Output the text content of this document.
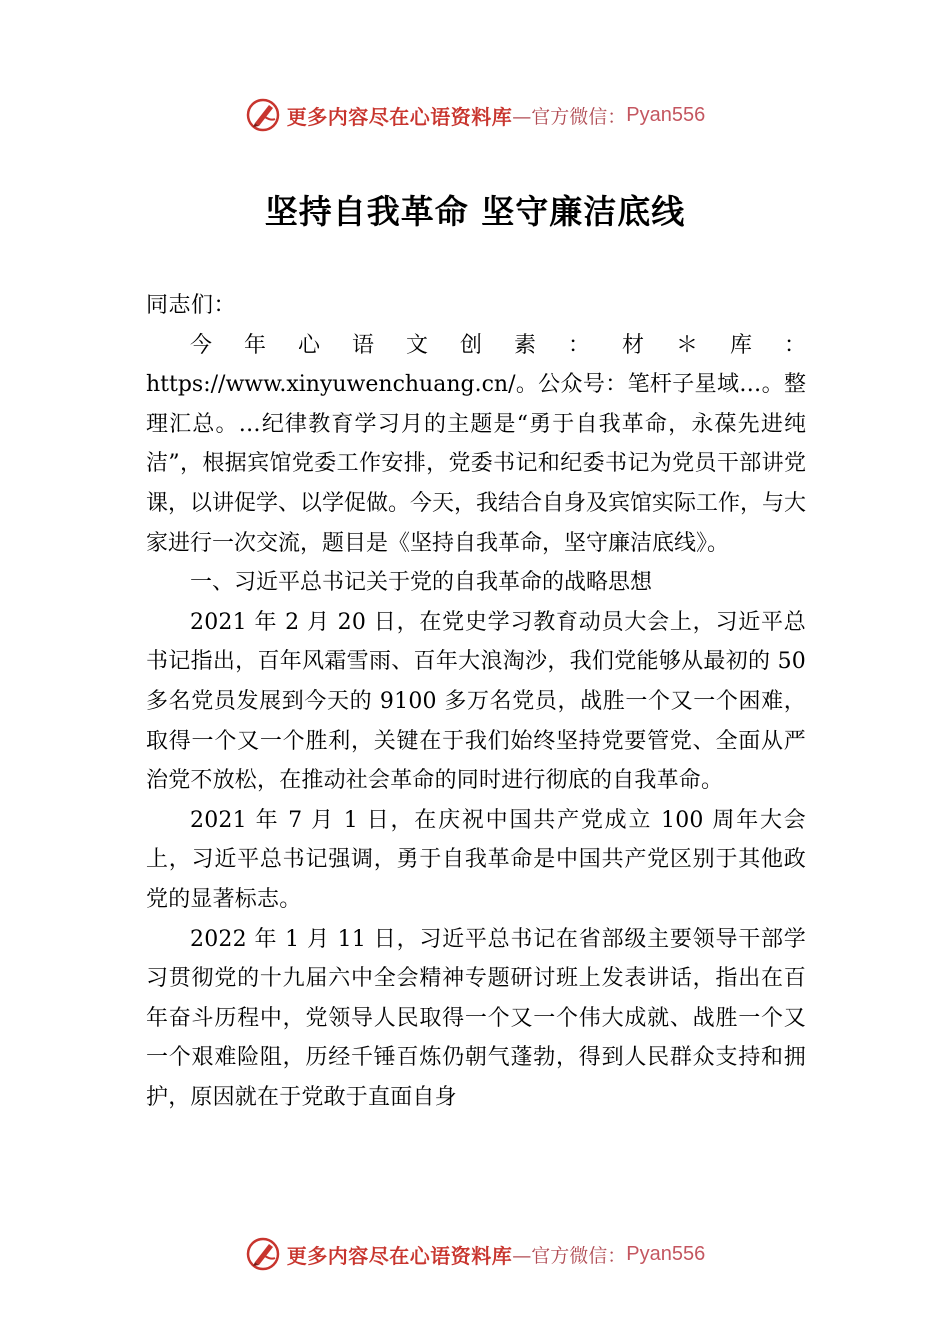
更多内容尽在心语资料库 —官方微信： Pyan556
坚持自我革命 坚守廉洁底线

同志们：

今 年 心 语 文 创 素 ： 材 ＊ 库 ： https://www.xinyuwenchuang.cn/。公众号：笔杆子星域…。整理汇总。…纪律教育学习月的主题是“勇于自我革命，永葆先进纯洁”，根据宾馆党委工作安排，党委书记和纪委书记为党员干部讲党课，以讲促学、以学促做。今天，我结合自身及宾馆实际工作，与大家进行一次交流，题目是《坚持自我革命，坚守廉洁底线》。

一、习近平总书记关于党的自我革命的战略思想

2021 年 2 月 20 日，在党史学习教育动员大会上，习近平总书记指出，百年风霜雪雨、百年大浪淘沙，我们党能够从最初的 50 多名党员发展到今天的 9100 多万名党员，战胜一个又一个困难，取得一个又一个胜利，关键在于我们始终坚持党要管党、全面从严治党不放松，在推动社会革命的同时进行彻底的自我革命。

2021 年 7 月 1 日，在庆祝中国共产党成立 100 周年大会上，习近平总书记强调，勇于自我革命是中国共产党区别于其他政党的显著标志。

2022 年 1 月 11 日，习近平总书记在省部级主要领导干部学习贯彻党的十九届六中全会精神专题研讨班上发表讲话，指出在百年奋斗历程中，党领导人民取得一个又一个伟大成就、战胜一个又一个艰难险阻，历经千锤百炼仍朝气蓬勃，得到人民群众支持和拥护，原因就在于党敢于直面自身

更多内容尽在心语资料库 —官方微信： Pyan556
